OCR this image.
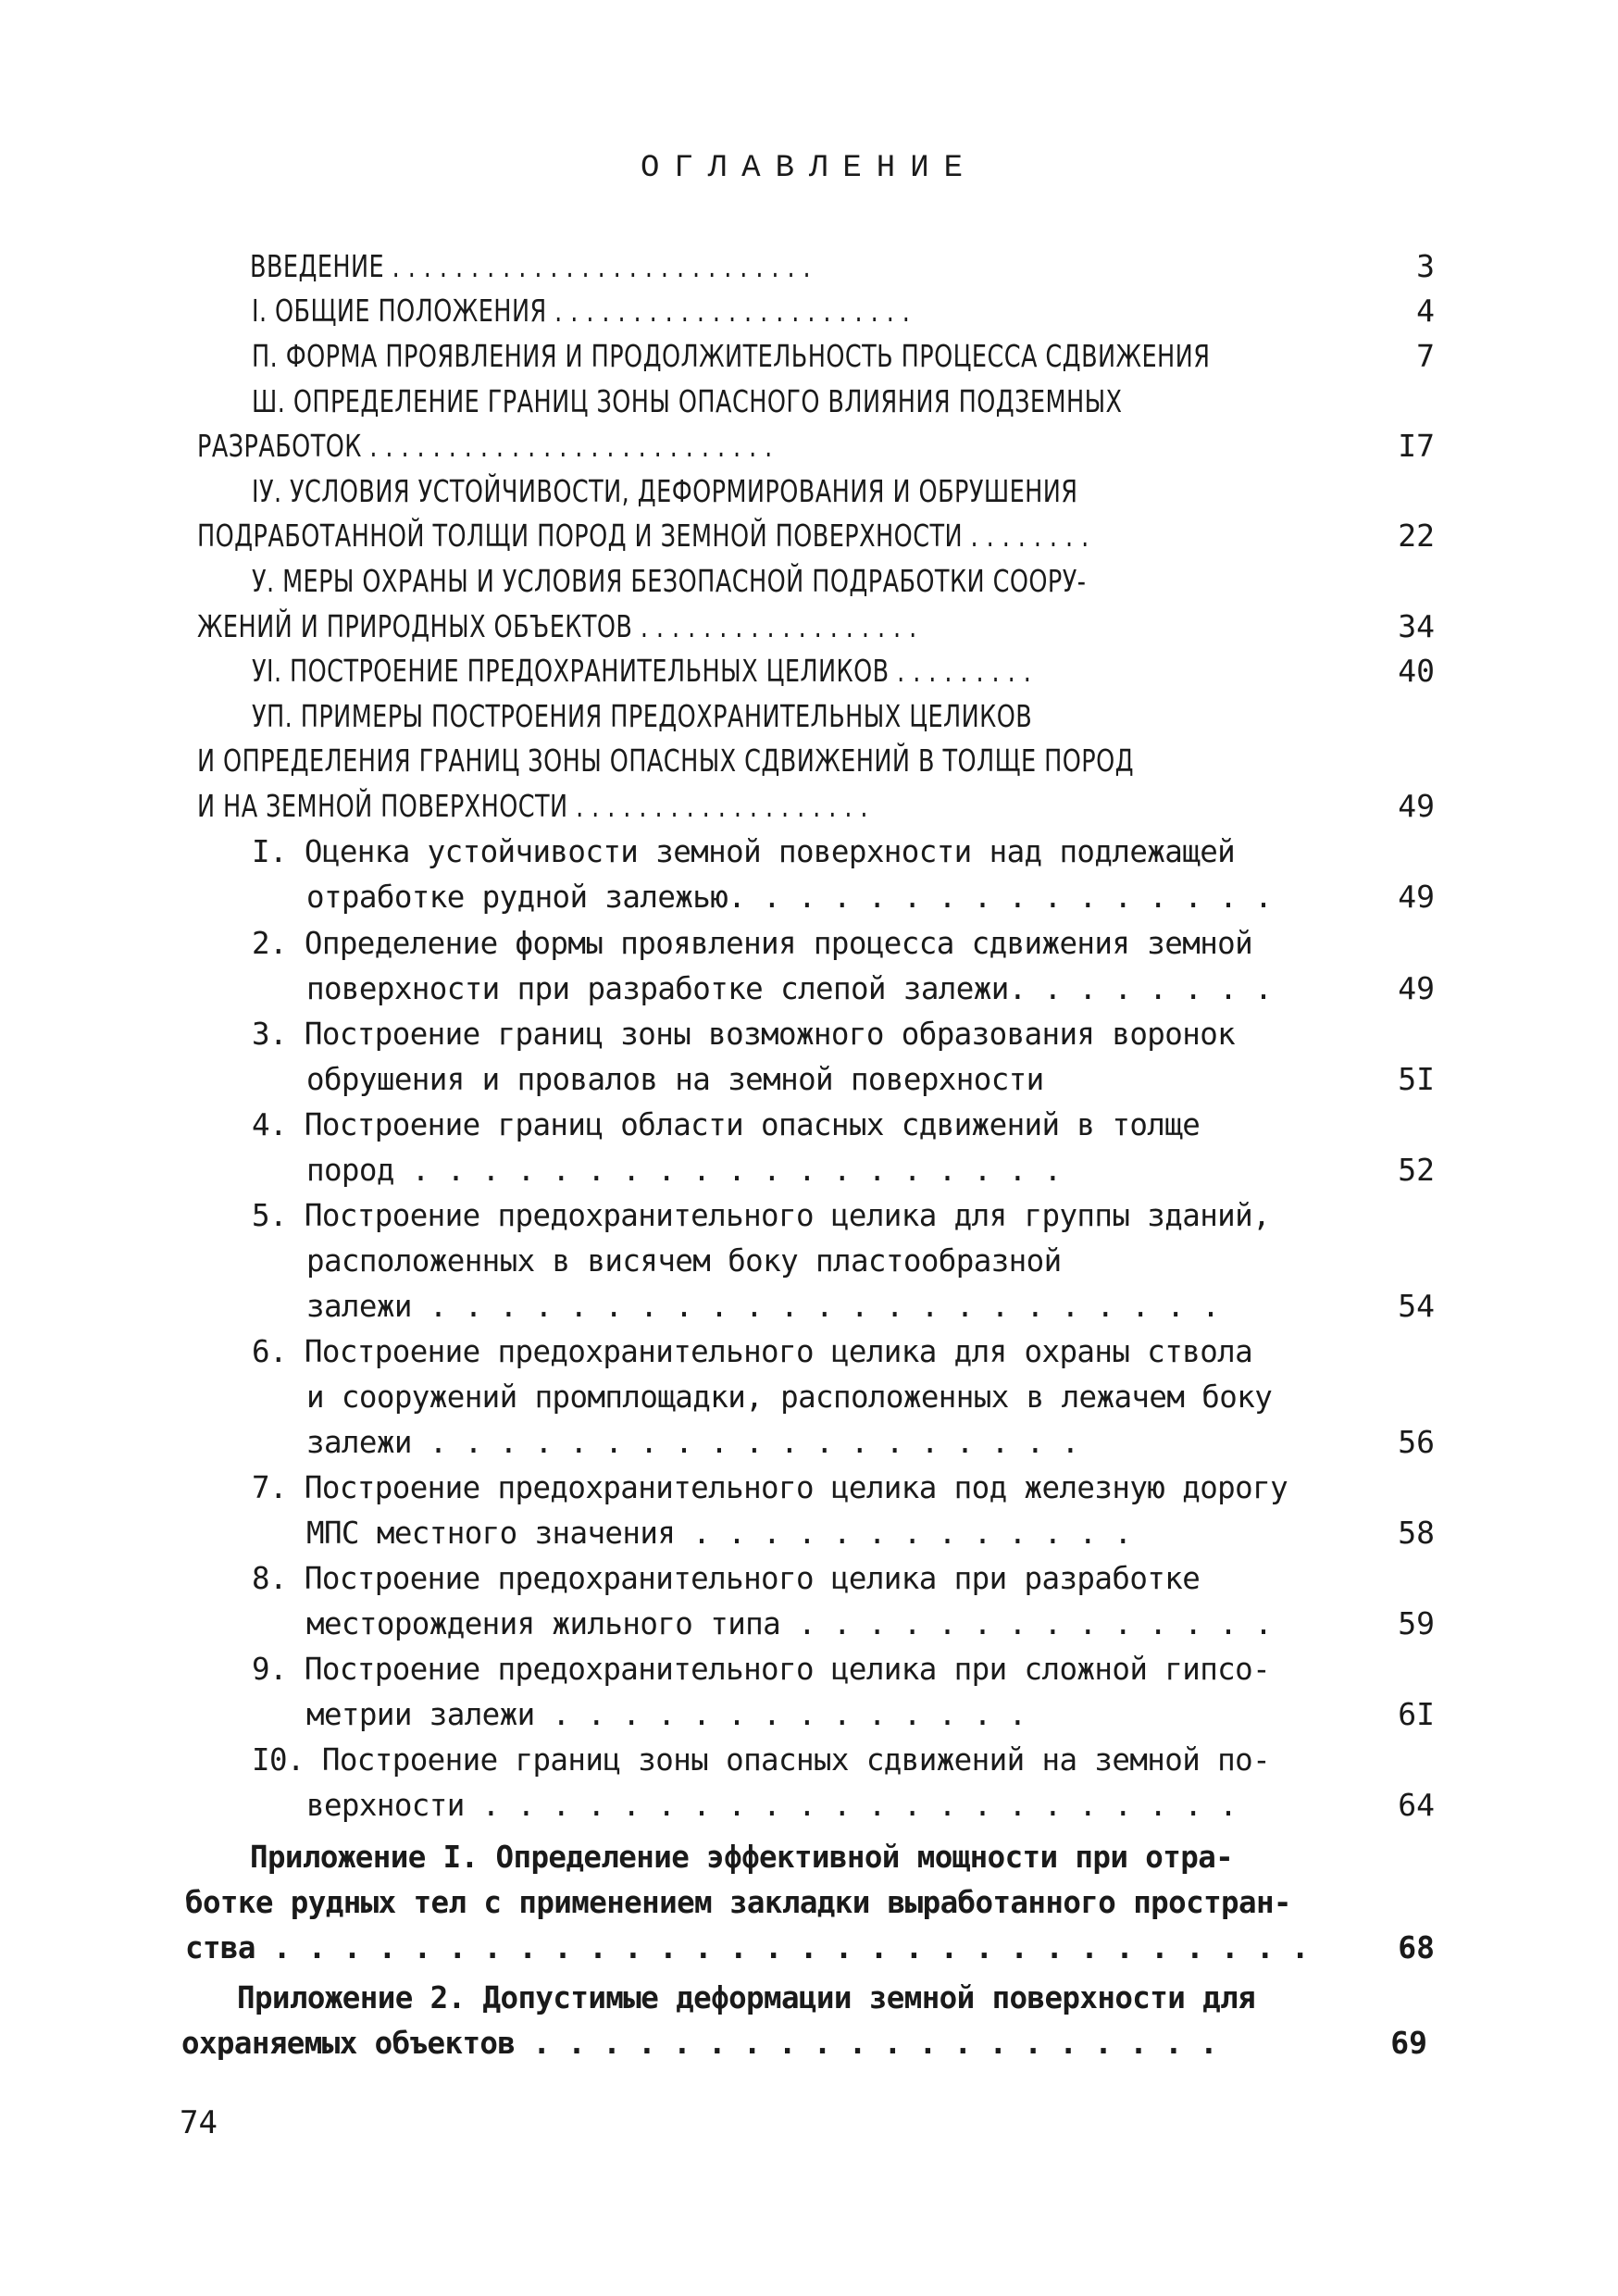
ОГЛАВЛЕНИЕ
ВВЕДЕНИЕ . . . . . . . . . . . . . . . . . . . . . . . . . . .	3
I. ОБЩИЕ ПОЛОЖЕНИЯ . . . . . . . . . . . . . . . . . . . . . . .	4
П. ФОРМА ПРОЯВЛЕНИЯ И ПРОДОЛЖИТЕЛЬНОСТЬ ПРОЦЕССА СДВИЖЕНИЯ	7
Ш. ОПРЕДЕЛЕНИЕ ГРАНИЦ ЗОНЫ ОПАСНОГО ВЛИЯНИЯ ПОДЗЕМНЫХ
РАЗРАБОТОК . . . . . . . . . . . . . . . . . . . . . . . . . .	I7
IУ. УСЛОВИЯ УСТОЙЧИВОСТИ, ДЕФОРМИРОВАНИЯ И ОБРУШЕНИЯ
ПОДРАБОТАННОЙ ТОЛЩИ ПОРОД И ЗЕМНОЙ ПОВЕРХНОСТИ . . . . . . . .	22
У. МЕРЫ ОХРАНЫ И УСЛОВИЯ БЕЗОПАСНОЙ ПОДРАБОТКИ СООРУ-
ЖЕНИЙ И ПРИРОДНЫХ ОБЪЕКТОВ . . . . . . . . . . . . . . . . . .	34
УI. ПОСТРОЕНИЕ ПРЕДОХРАНИТЕЛЬНЫХ ЦЕЛИКОВ . . . . . . . . .	40
УП. ПРИМЕРЫ ПОСТРОЕНИЯ ПРЕДОХРАНИТЕЛЬНЫХ ЦЕЛИКОВ
И ОПРЕДЕЛЕНИЯ ГРАНИЦ ЗОНЫ ОПАСНЫХ СДВИЖЕНИЙ В ТОЛЩЕ ПОРОД
И НА ЗЕМНОЙ ПОВЕРХНОСТИ . . . . . . . . . . . . . . . . . . .	49
I. Оценка устойчивости земной поверхности над подлежащей
отработке рудной залежью. . . . . . . . . . . . . . . .	49
2. Определение формы проявления процесса сдвижения земной
поверхности при разработке слепой залежи. . . . . . . .	49
3. Построение границ зоны возможного образования воронок
обрушения и провалов на земной поверхности	5I
4. Построение границ области опасных сдвижений в толще
пород . . . . . . . . . . . . . . . . . . .	52
5. Построение предохранительного целика для группы зданий,
расположенных в висячем боку пластообразной
залежи . . . . . . . . . . . . . . . . . . . . . . .	54
6. Построение предохранительного целика для охраны ствола
и сооружений промплощадки, расположенных в лежачем боку
залежи . . . . . . . . . . . . . . . . . . .	56
7. Построение предохранительного целика под железную дорогу
МПС местного значения . . . . . . . . . . . . .	58
8. Построение предохранительного целика при разработке
месторождения жильного типа . . . . . . . . . . . . . .	59
9. Построение предохранительного целика при сложной гипсо-
метрии залежи . . . . . . . . . . . . . .	6I
I0. Построение границ зоны опасных сдвижений на земной по-
верхности . . . . . . . . . . . . . . . . . . . . . .	64
Приложение I. Определение эффективной мощности при отра-
ботке рудных тел с применением закладки выработанного простран-
ства . . . . . . . . . . . . . . . . . . . . . . . . . . . . . .	68
Приложение 2. Допустимые деформации земной поверхности для
охраняемых объектов . . . . . . . . . . . . . . . . . . . .	69
74
